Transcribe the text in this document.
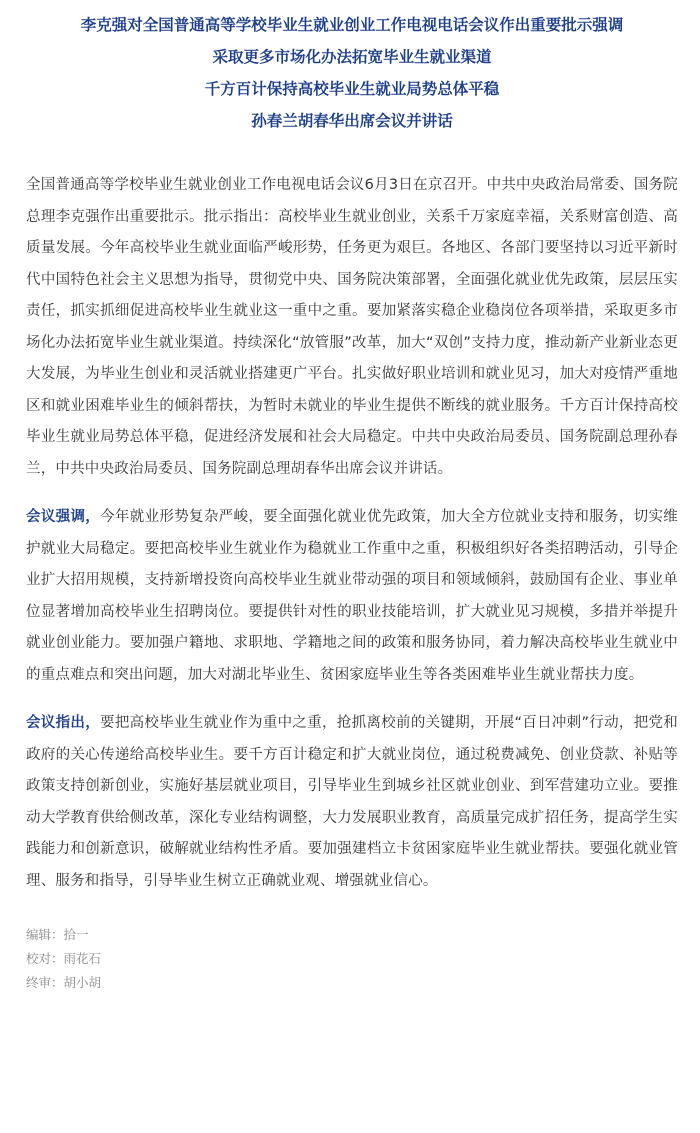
李克强对全国普通高等学校毕业生就业创业工作电视电话会议作出重要批示强调
采取更多市场化办法拓宽毕业生就业渠道
千方百计保持高校毕业生就业局势总体平稳
孙春兰胡春华出席会议并讲话

全国普通高等学校毕业生就业创业工作电视电话会议6月3日在京召开。中共中央政治局常委、国务院总理李克强作出重要批示。批示指出：高校毕业生就业创业，关系千万家庭幸福，关系财富创造、高质量发展。今年高校毕业生就业面临严峻形势，任务更为艰巨。各地区、各部门要坚持以习近平新时代中国特色社会主义思想为指导，贯彻党中央、国务院决策部署，全面强化就业优先政策，层层压实责任，抓实抓细促进高校毕业生就业这一重中之重。要加紧落实稳企业稳岗位各项举措，采取更多市场化办法拓宽毕业生就业渠道。持续深化“放管服”改革，加大“双创”支持力度，推动新产业新业态更大发展，为毕业生创业和灵活就业搭建更广平台。扎实做好职业培训和就业见习，加大对疫情严重地区和就业困难毕业生的倾斜帮扶，为暂时未就业的毕业生提供不断线的就业服务。千方百计保持高校毕业生就业局势总体平稳，促进经济发展和社会大局稳定。中共中央政治局委员、国务院副总理孙春兰，中共中央政治局委员、国务院副总理胡春华出席会议并讲话。

会议强调，今年就业形势复杂严峻，要全面强化就业优先政策，加大全方位就业支持和服务，切实维护就业大局稳定。要把高校毕业生就业作为稳就业工作重中之重，积极组织好各类招聘活动，引导企业扩大招用规模，支持新增投资向高校毕业生就业带动强的项目和领域倾斜，鼓励国有企业、事业单位显著增加高校毕业生招聘岗位。要提供针对性的职业技能培训，扩大就业见习规模，多措并举提升就业创业能力。要加强户籍地、求职地、学籍地之间的政策和服务协同，着力解决高校毕业生就业中的重点难点和突出问题，加大对湖北毕业生、贫困家庭毕业生等各类困难毕业生就业帮扶力度。

会议指出，要把高校毕业生就业作为重中之重，抢抓离校前的关键期，开展“百日冲刺”行动，把党和政府的关心传递给高校毕业生。要千方百计稳定和扩大就业岗位，通过税费减免、创业贷款、补贴等政策支持创新创业，实施好基层就业项目，引导毕业生到城乡社区就业创业、到军营建功立业。要推动大学教育供给侧改革，深化专业结构调整，大力发展职业教育，高质量完成扩招任务，提高学生实践能力和创新意识，破解就业结构性矛盾。要加强建档立卡贫困家庭毕业生就业帮扶。要强化就业管理、服务和指导，引导毕业生树立正确就业观、增强就业信心。

编辑：拾一
校对：雨花石
终审：胡小胡
